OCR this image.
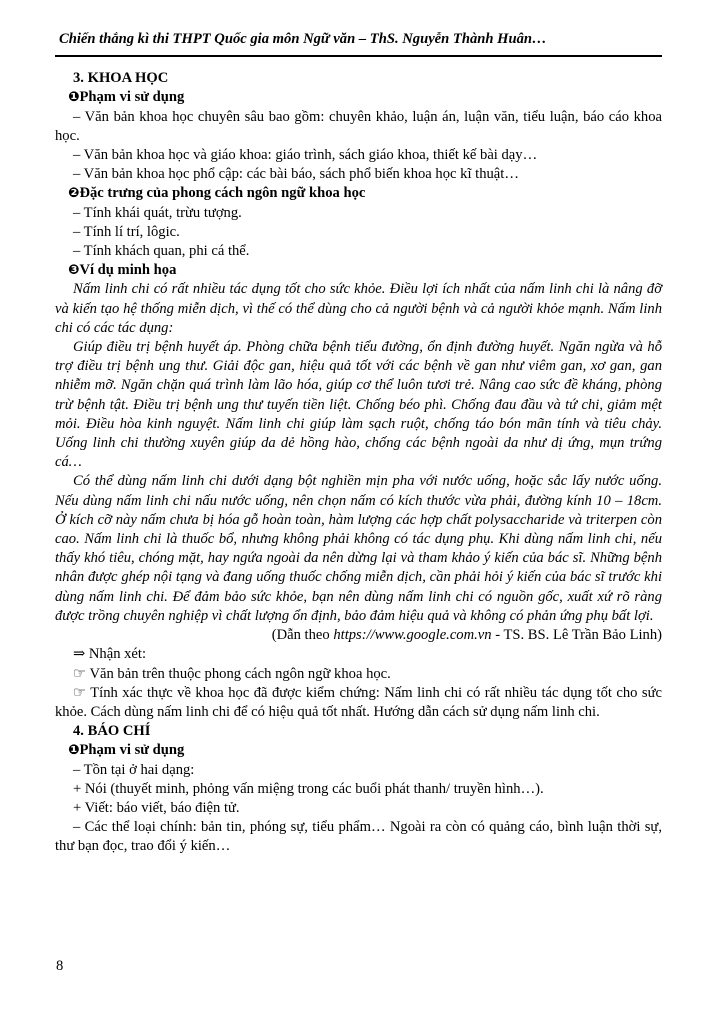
Chiến thắng kì thi THPT Quốc gia môn Ngữ văn – ThS. Nguyễn Thành Huân…
3. KHOA HỌC
❶Phạm vi sử dụng

– Văn bản khoa học chuyên sâu bao gồm: chuyên khảo, luận án, luận văn, tiểu luận, báo cáo khoa học.

– Văn bản khoa học và giáo khoa: giáo trình, sách giáo khoa, thiết kế bài dạy…

– Văn bản khoa học phổ cập: các bài báo, sách phổ biến khoa học kĩ thuật…

❷Đặc trưng của phong cách ngôn ngữ khoa học

– Tính khái quát, trừu tượng.

– Tính lí trí, lôgic.

– Tính khách quan, phi cá thể.

❸Ví dụ minh họa

Nấm linh chi có rất nhiều tác dụng tốt cho sức khỏe. Điều lợi ích nhất của nấm linh chi là nâng đỡ và kiến tạo hệ thống miễn dịch, vì thế có thể dùng cho cả người bệnh và cả người khỏe mạnh. Nấm linh chi có các tác dụng:

Giúp điều trị bệnh huyết áp. Phòng chữa bệnh tiểu đường, ổn định đường huyết. Ngăn ngừa và hỗ trợ điều trị bệnh ung thư. Giải độc gan, hiệu quả tốt với các bệnh về gan như viêm gan, xơ gan, gan nhiễm mỡ. Ngăn chặn quá trình làm lão hóa, giúp cơ thể luôn tươi trẻ. Nâng cao sức đề kháng, phòng trừ bệnh tật. Điều trị bệnh ung thư tuyến tiền liệt. Chống béo phì. Chống đau đầu và tứ chi, giảm mệt mỏi. Điều hòa kinh nguyệt. Nấm linh chi giúp làm sạch ruột, chống táo bón mãn tính và tiêu chảy. Uống linh chi thường xuyên giúp da dẻ hồng hào, chống các bệnh ngoài da như dị ứng, mụn trứng cá…

Có thể dùng nấm linh chi dưới dạng bột nghiền mịn pha với nước uống, hoặc sắc lấy nước uống. Nếu dùng nấm linh chi nấu nước uống, nên chọn nấm có kích thước vừa phải, đường kính 10 – 18cm. Ở kích cỡ này nấm chưa bị hóa gỗ hoàn toàn, hàm lượng các hợp chất polysaccharide và triterpen còn cao. Nấm linh chi là thuốc bổ, nhưng không phải không có tác dụng phụ. Khi dùng nấm linh chi, nếu thấy khó tiêu, chóng mặt, hay ngứa ngoài da nên dừng lại và tham khảo ý kiến của bác sĩ. Những bệnh nhân được ghép nội tạng và đang uống thuốc chống miễn dịch, cần phải hỏi ý kiến của bác sĩ trước khi dùng nấm linh chi. Để đảm bảo sức khỏe, bạn nên dùng nấm linh chi có nguồn gốc, xuất xứ rõ ràng được trồng chuyên nghiệp vì chất lượng ổn định, bảo đảm hiệu quả và không có phản ứng phụ bất lợi.

(Dẫn theo https://www.google.com.vn - TS. BS. Lê Trần Bảo Linh)

⇒ Nhận xét:

☞ Văn bản trên thuộc phong cách ngôn ngữ khoa học.

☞ Tính xác thực về khoa học đã được kiểm chứng: Nấm linh chi có rất nhiều tác dụng tốt cho sức khỏe. Cách dùng nấm linh chi để có hiệu quả tốt nhất. Hướng dẫn cách sử dụng nấm linh chi.

4. BÁO CHÍ
❶Phạm vi sử dụng

– Tồn tại ở hai dạng:

+ Nói (thuyết minh, phỏng vấn miệng trong các buổi phát thanh/ truyền hình…).

+ Viết: báo viết, báo điện tử.

– Các thể loại chính: bản tin, phóng sự, tiểu phẩm… Ngoài ra còn có quảng cáo, bình luận thời sự, thư bạn đọc, trao đổi ý kiến…

8
